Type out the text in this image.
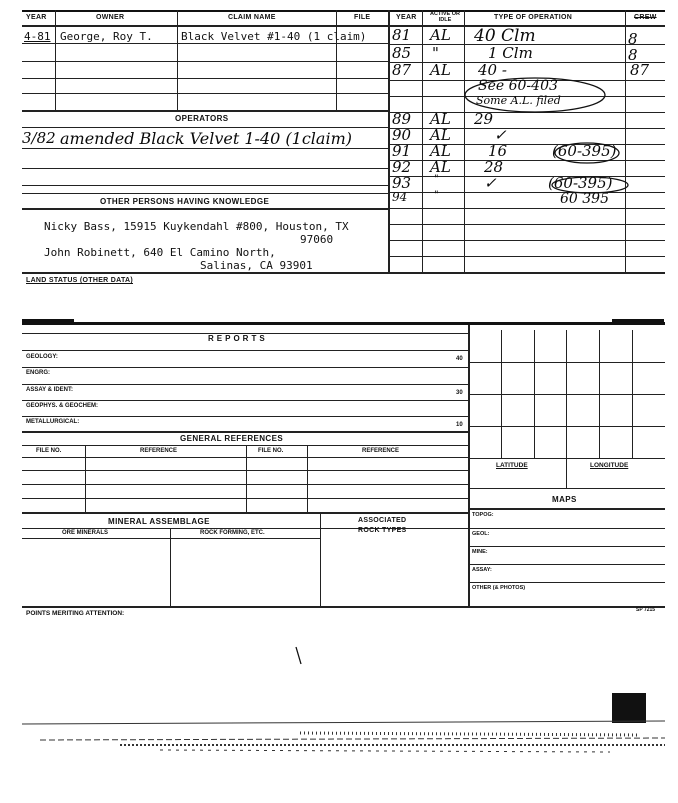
YEAR	OWNER	CLAIM NAME	FILE	YEAR	ACTIVE OR IDLE	TYPE OF OPERATION	CREW
4-81 George, Roy T.	Black Velvet #1-40 (1 claim)
OPERATORS
3/82 amended Black Velvet 1-40 (1claim)
OTHER PERSONS HAVING KNOWLEDGE
Nicky Bass, 15915 Kuykendahl #800, Houston, TX
97060
John Robinett, 640 El Camino North,
Salinas, CA 93901
81 AL 40 Clm	8
85 "	1 Clm	8
87 AL 40 -	87
See 60-403
Some A.L. filed
89 AL 29
90 AL	✓
91 AL 16	(60-395)
92 AL 28
93 "	✓	(60-395)
94	"	60 395
LAND STATUS (OTHER DATA)
REPORTS
GEOLOGY:	40
ENGRG:
ASSAY & IDENT:	30
GEOPHYS. & GEOCHEM:
METALLURGICAL:	10
GENERAL REFERENCES
FILE NO.	REFERENCE	FILE NO.	REFERENCE
MINERAL ASSEMBLAGE
ORE MINERALS	ROCK FORMING, ETC.
ASSOCIATED
ROCK TYPES
LATITUDE	LONGITUDE
MAPS
TOPOG:
GEOL:
MINE:
ASSAY:
OTHER (& PHOTOS)
POINTS MERITING ATTENTION:	SP 7215
